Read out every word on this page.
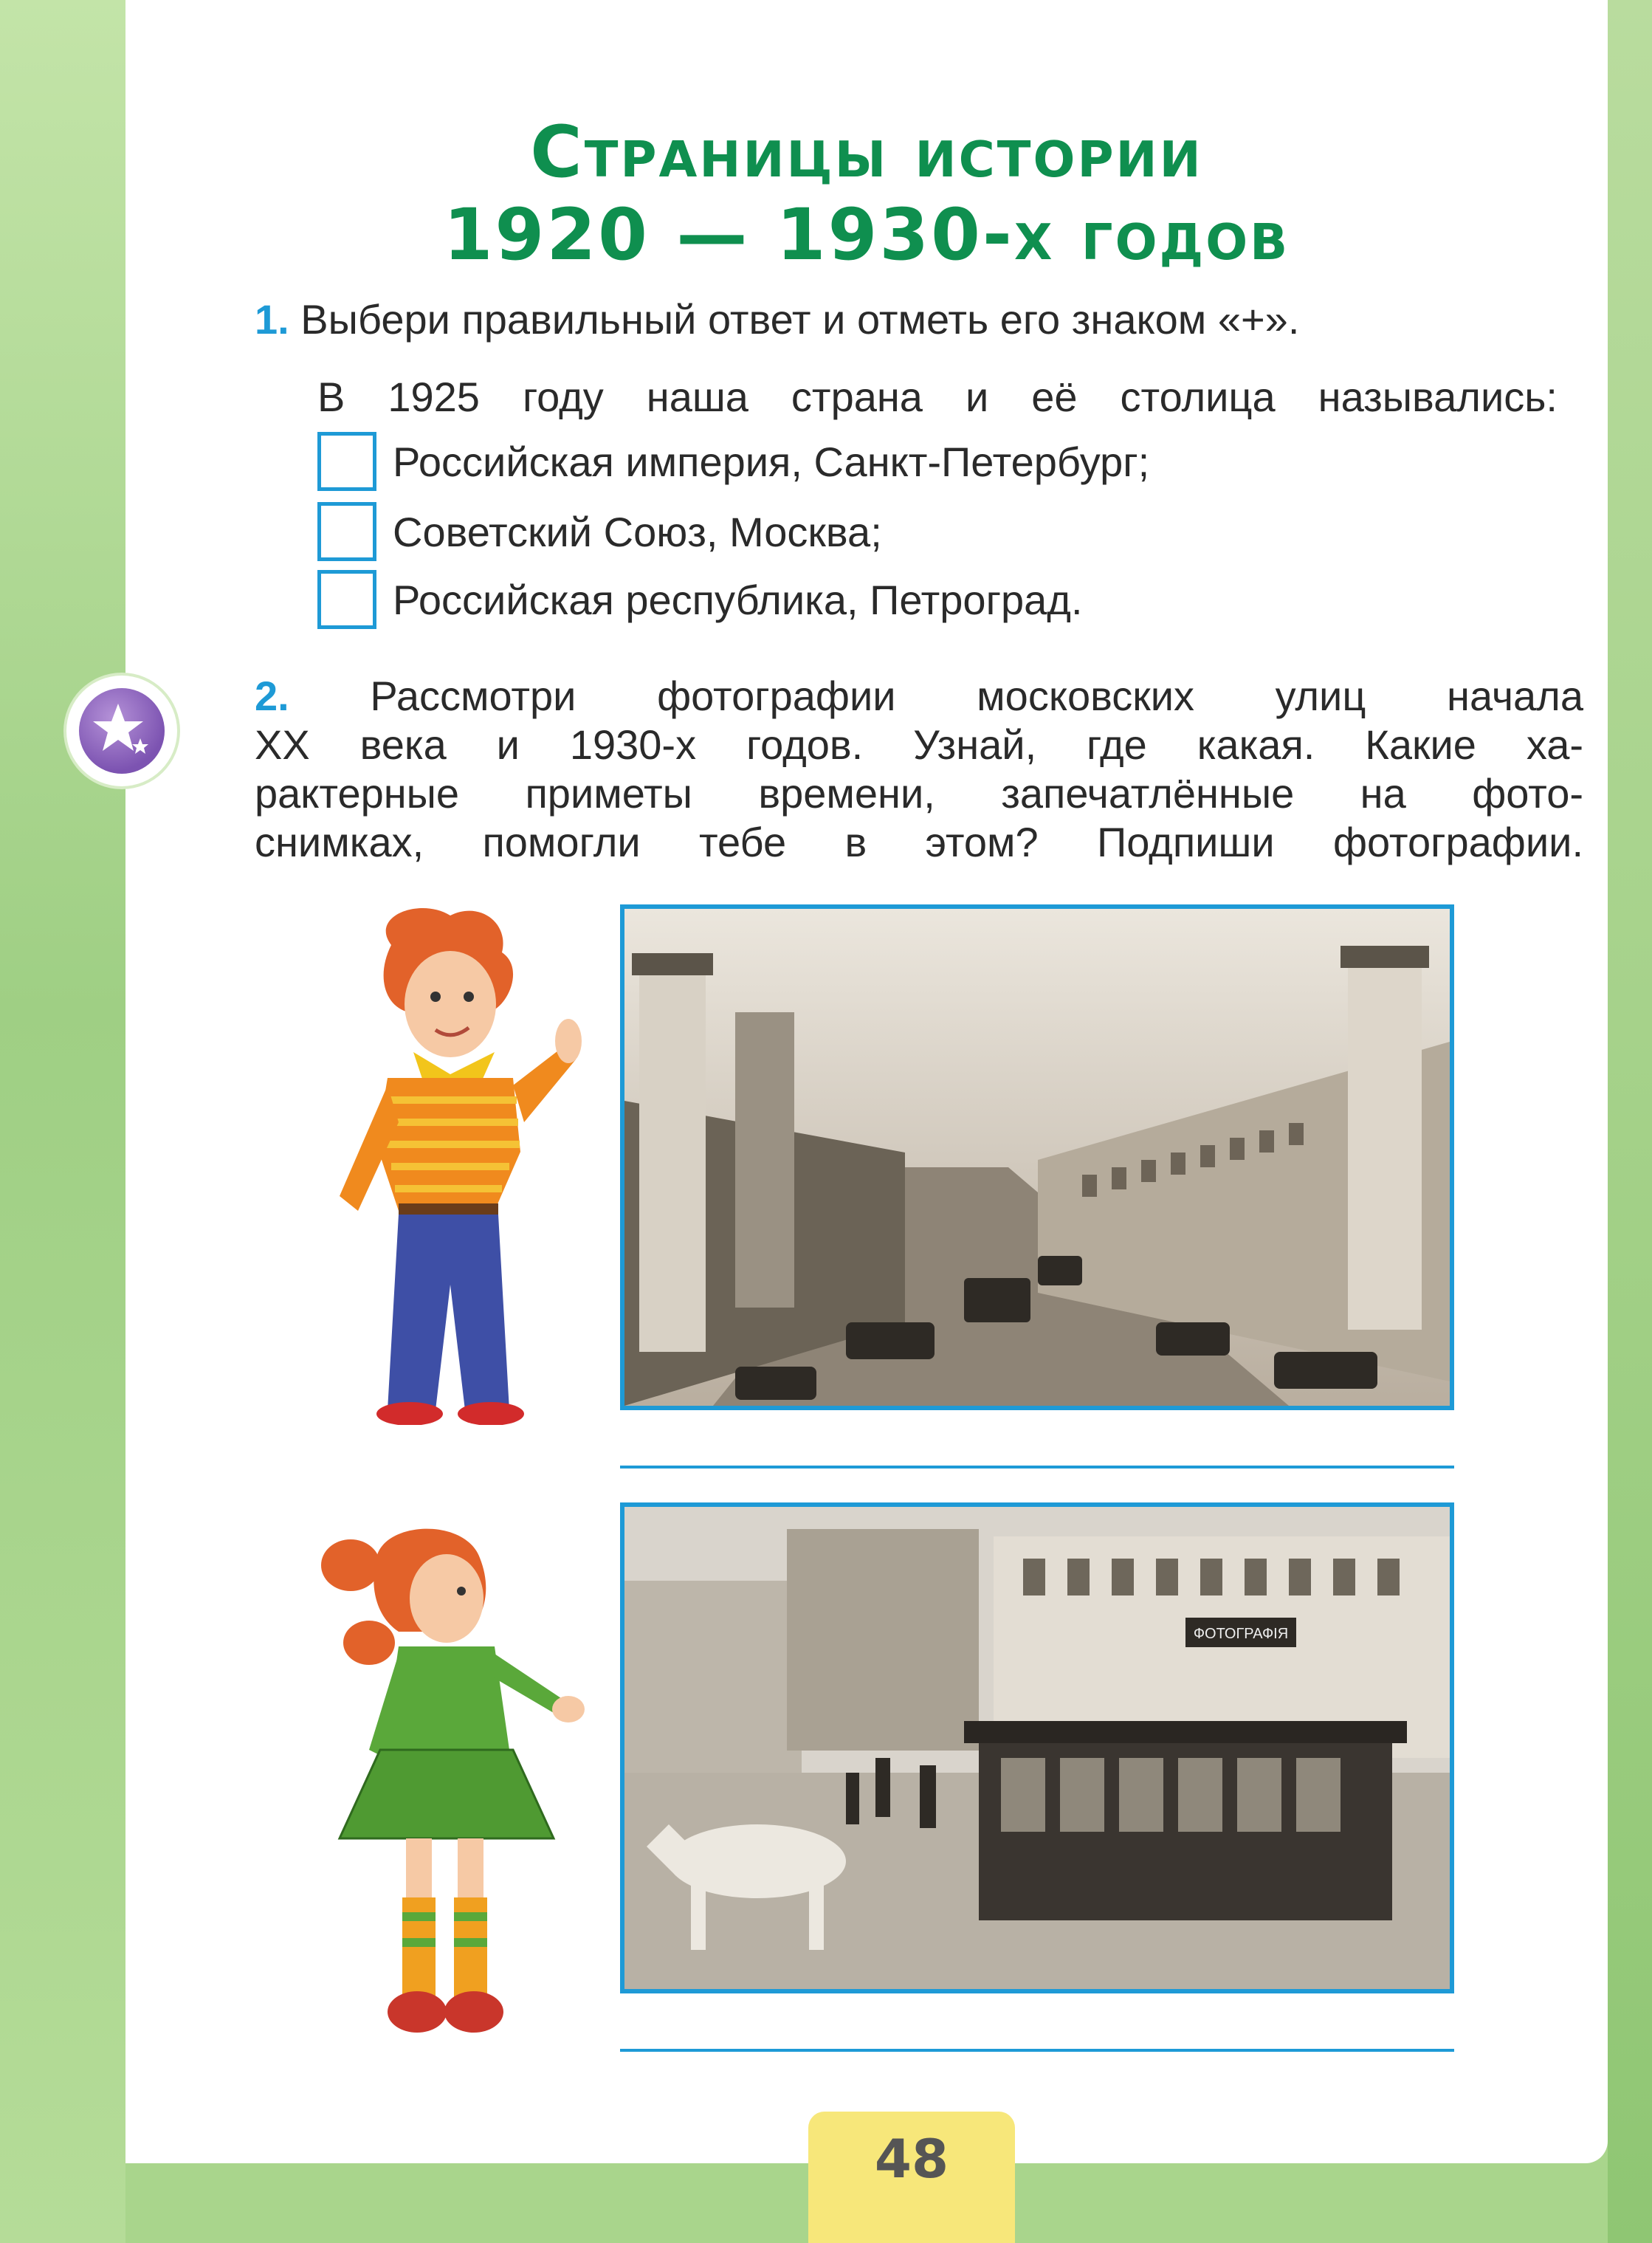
Страницы истории
1920 — 1930-х годов
1. Выбери правильный ответ и отметь его знаком «+».
В 1925 году наша страна и её столица назывались:
Российская империя, Санкт-Петербург;
Советский Союз, Москва;
Российская республика, Петроград.
2. Рассмотри фотографии московских улиц начала
XX века и 1930-х годов. Узнай, где какая. Какие ха-
рактерные приметы времени, запечатлённые на фото-
снимках, помогли тебе в этом? Подпиши фотографии.
ФОТОГРАФІЯ
48
